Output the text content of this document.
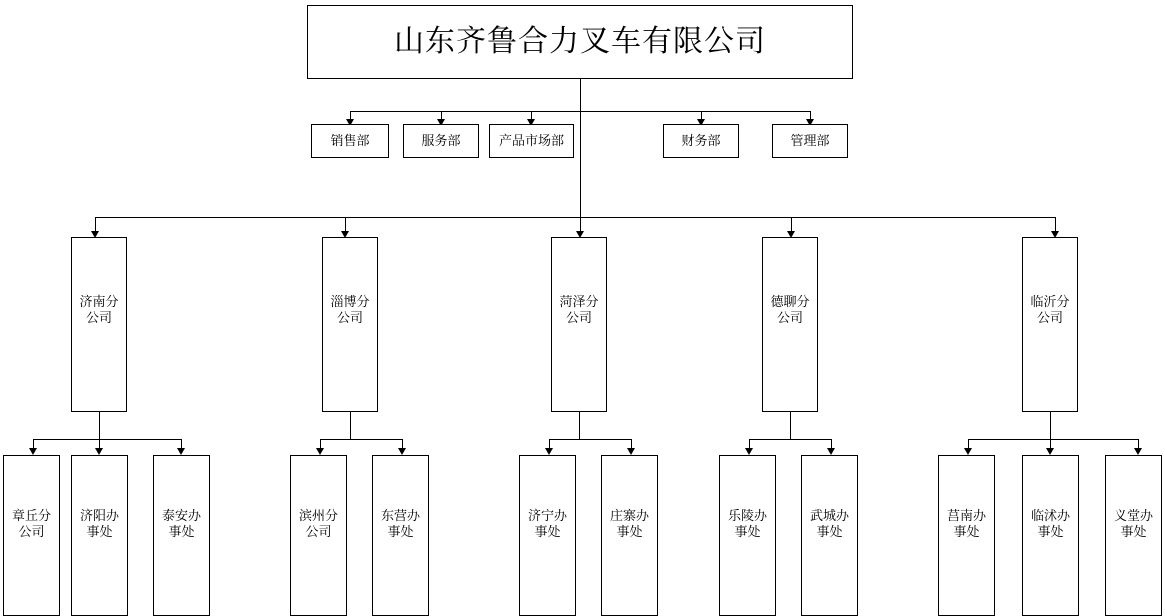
山东齐鲁合力叉车有限公司
销售部	服务部	产品市场部	财务部	管理部
济南分
公司
淄博分
公司
菏泽分
公司
德聊分
公司
临沂分
公司
章丘分
公司
济阳办
事处
泰安办
事处
滨州分
公司
东营办
事处
济宁办
事处
庄寨办
事处
乐陵办
事处
武城办
事处
莒南办
事处
临沭办
事处
义堂办
事处
